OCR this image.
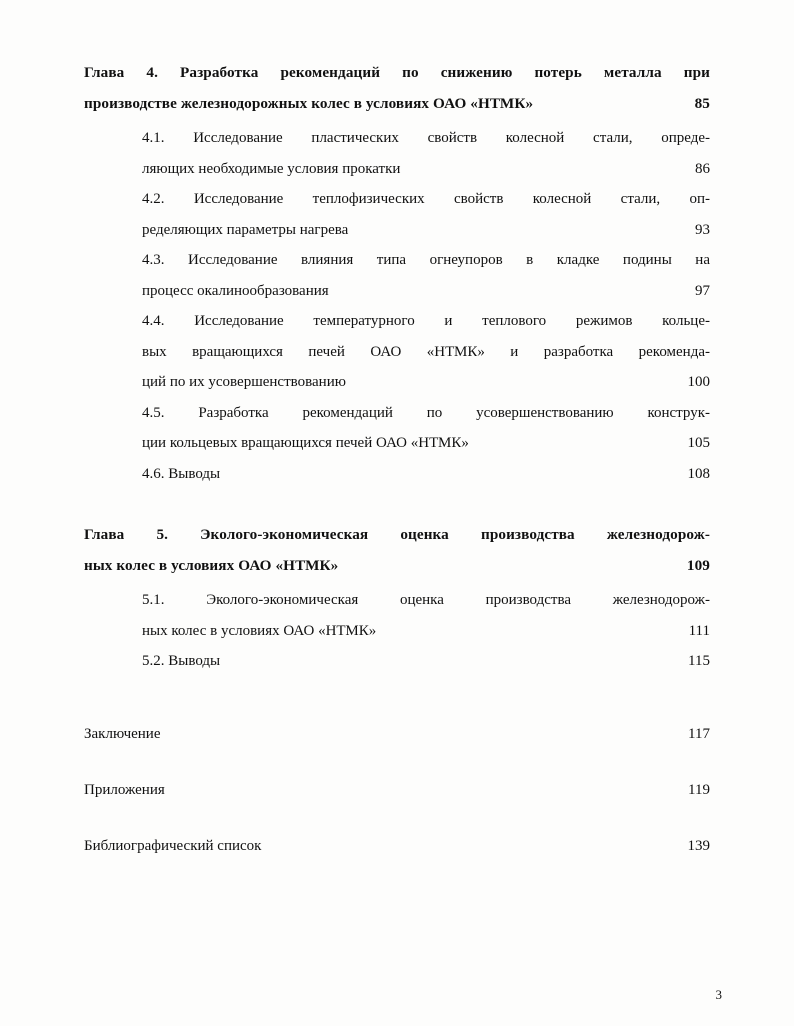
Глава 4. Разработка рекомендаций по снижению потерь металла при
производстве железнодорожных колес в условиях ОАО «НТМК»	85
4.1. Исследование пластических свойств колесной стали, опреде-
ляющих необходимые условия прокатки	86
4.2. Исследование теплофизических свойств колесной стали, оп-
ределяющих параметры нагрева	93
4.3. Исследование влияния типа огнеупоров в кладке подины на
процесс окалинообразования	97
4.4. Исследование температурного и теплового режимов кольце-
вых вращающихся печей ОАО «НТМК» и разработка рекоменда-
ций по их усовершенствованию	100
4.5. Разработка рекомендаций по усовершенствованию конструк-
ции кольцевых вращающихся печей ОАО «НТМК»	105
4.6. Выводы	108
Глава 5. Эколого-экономическая оценка производства железнодорож-
ных колес в условиях ОАО «НТМК»	109
5.1. Эколого-экономическая оценка производства железнодорож-
ных колес в условиях ОАО «НТМК»	111
5.2. Выводы	115
Заключение	117
Приложения	119
Библиографический список	139
3
